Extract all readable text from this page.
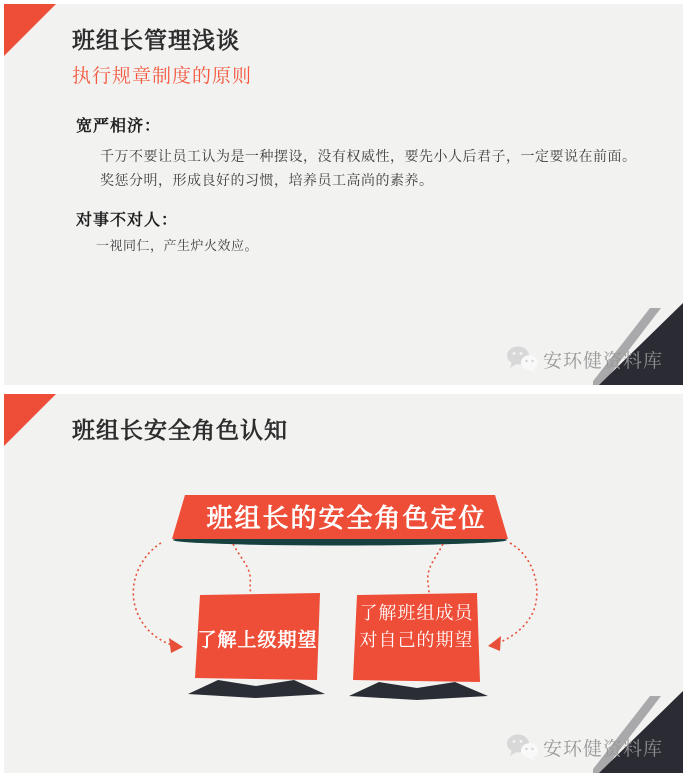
班组长管理浅谈
执行规章制度的原则
宽严相济：
千万不要让员工认为是一种摆设，没有权威性，要先小人后君子，一定要说在前面。
奖惩分明，形成良好的习惯，培养员工高尚的素养。
对事不对人：
一视同仁，产生炉火效应。
安环健资料库
班组长安全角色认知
班组长的安全角色定位
了解上级期望
了解班组成员
对自己的期望
安环健资料库
